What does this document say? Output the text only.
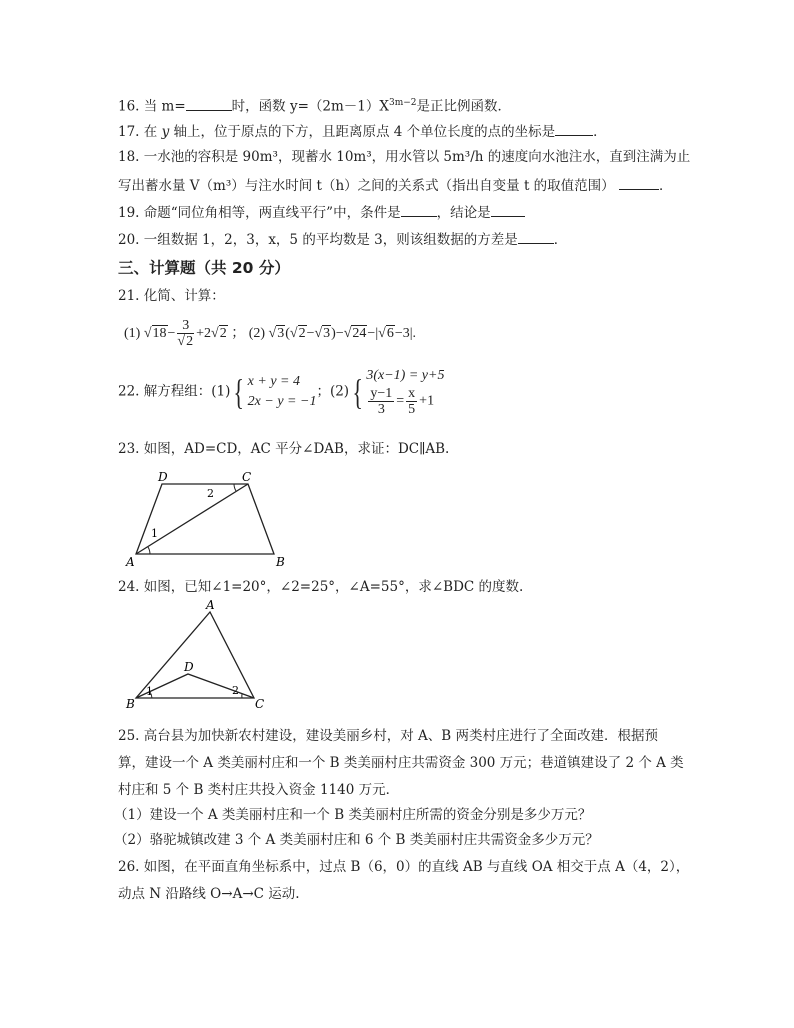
16. 当 m=	时，函数 $y=(2m-1)X^{3m-2}$是正比例函数．
17. 在 y 轴上，位于原点的下方，且距离原点 4 个单位长度的点的坐标是	．
18. 一水池的容积是 90m³，现蓄水 10m³，用水管以 5m³/h 的速度向水池注水，直到注满为止
写出蓄水量 V（m³）与注水时间 t（h）之间的关系式（指出自变量 t 的取值范围）	．
19. 命题“同位角相等，两直线平行”中，条件是	，结论是
20. 一组数据 1，2，3，x，5 的平均数是 3，则该组数据的方差是	．
三、计算题（共 20 分）
21. 化简、计算：
(1) $√18- \frac{3}{√2} +2√2$ ； (2) √3(√2−√3)−√24−|√6−3|.
22. 解方程组：(1){ x + y = 4
2x − y = −1
；(2){ 3(x−1) = y+5
$\frac{y-1}{3} = \frac{x}{5} +1$
23. 如图，AD=CD，AC 平分∠DAB，求证：DC∥AB.
D	C
A	B
1
2
24. 如图，已知∠1=20°，∠2=25°，∠A=55°，求∠BDC 的度数.
A
B	C
D
1	2
25. 高台县为加快新农村建设，建设美丽乡村，对 A、B 两类村庄进行了全面改建．根据预
算，建设一个 A 类美丽村庄和一个 B 类美丽村庄共需资金 300 万元；巷道镇建设了 2 个 A 类
村庄和 5 个 B 类村庄共投入资金 1140 万元．
（1）建设一个 A 类美丽村庄和一个 B 类美丽村庄所需的资金分别是多少万元？
（2）骆驼城镇改建 3 个 A 类美丽村庄和 6 个 B 类美丽村庄共需资金多少万元？
26. 如图，在平面直角坐标系中，过点 B（6，0）的直线 AB 与直线 OA 相交于点 A（4，2），
动点 N 沿路线 O→A→C 运动.
